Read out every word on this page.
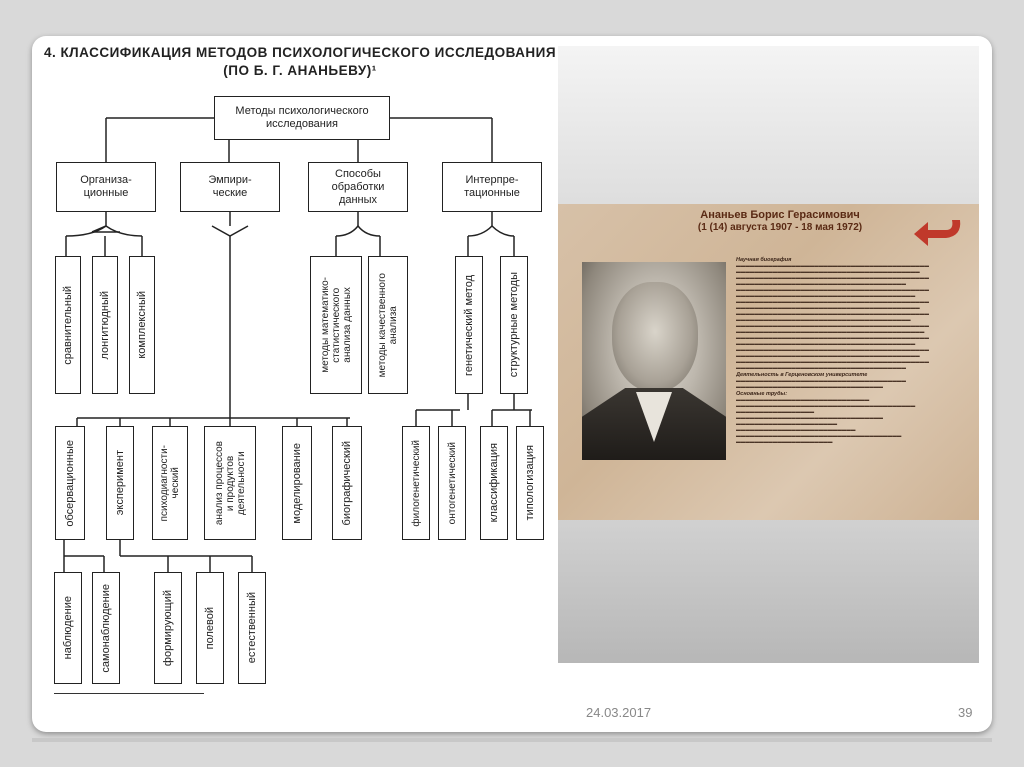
4. КЛАССИФИКАЦИЯ МЕТОДОВ ПСИХОЛОГИЧЕСКОГО ИССЛЕДОВАНИЯ
(ПО Б. Г. АНАНЬЕВУ)¹
Методы психологического
исследования
Организа-
ционные
Эмпири-
ческие
Способы
обработки
данных
Интерпре-
тационные
сравнительный лонгитюдный комплексный	методы математико-
статистического
анализа данных
методы качественного
анализа	генетический метод	структурные методы
обсервационные	эксперимент	психодиагности-
ческий
анализ процессов
и продуктов
деятельности	моделирование	биографический	филогенетический	онтогенетический	классификация типологизация
наблюдение самонаблюдение	формирующий	полевой	естественный
Ананьев Борис Герасимович
(1 (14) августа 1907 - 18 мая 1972)
Научная биография
▬▬▬▬▬▬▬▬▬▬▬▬▬▬▬▬▬▬▬▬▬▬▬▬▬▬▬▬▬▬▬▬▬▬▬▬▬▬▬▬▬▬
▬▬▬▬▬▬▬▬▬▬▬▬▬▬▬▬▬▬▬▬▬▬▬▬▬▬▬▬▬▬▬▬▬▬▬▬▬▬▬▬
▬▬▬▬▬▬▬▬▬▬▬▬▬▬▬▬▬▬▬▬▬▬▬▬▬▬▬▬▬▬▬▬▬▬▬▬▬▬▬▬▬▬
▬▬▬▬▬▬▬▬▬▬▬▬▬▬▬▬▬▬▬▬▬▬▬▬▬▬▬▬▬▬▬▬▬▬▬▬▬
▬▬▬▬▬▬▬▬▬▬▬▬▬▬▬▬▬▬▬▬▬▬▬▬▬▬▬▬▬▬▬▬▬▬▬▬▬▬▬▬▬▬
▬▬▬▬▬▬▬▬▬▬▬▬▬▬▬▬▬▬▬▬▬▬▬▬▬▬▬▬▬▬▬▬▬▬▬▬▬▬▬
▬▬▬▬▬▬▬▬▬▬▬▬▬▬▬▬▬▬▬▬▬▬▬▬▬▬▬▬▬▬▬▬▬▬▬▬▬▬▬▬▬▬
▬▬▬▬▬▬▬▬▬▬▬▬▬▬▬▬▬▬▬▬▬▬▬▬▬▬▬▬▬▬▬▬▬▬▬▬▬▬▬▬
▬▬▬▬▬▬▬▬▬▬▬▬▬▬▬▬▬▬▬▬▬▬▬▬▬▬▬▬▬▬▬▬▬▬▬▬▬▬▬▬▬▬
▬▬▬▬▬▬▬▬▬▬▬▬▬▬▬▬▬▬▬▬▬▬▬▬▬▬▬▬▬▬▬▬▬▬▬▬▬▬
▬▬▬▬▬▬▬▬▬▬▬▬▬▬▬▬▬▬▬▬▬▬▬▬▬▬▬▬▬▬▬▬▬▬▬▬▬▬▬▬▬▬
▬▬▬▬▬▬▬▬▬▬▬▬▬▬▬▬▬▬▬▬▬▬▬▬▬▬▬▬▬▬▬▬▬▬▬▬▬▬▬▬▬
▬▬▬▬▬▬▬▬▬▬▬▬▬▬▬▬▬▬▬▬▬▬▬▬▬▬▬▬▬▬▬▬▬▬▬▬▬▬▬▬▬▬
▬▬▬▬▬▬▬▬▬▬▬▬▬▬▬▬▬▬▬▬▬▬▬▬▬▬▬▬▬▬▬▬▬▬▬▬▬▬▬
▬▬▬▬▬▬▬▬▬▬▬▬▬▬▬▬▬▬▬▬▬▬▬▬▬▬▬▬▬▬▬▬▬▬▬▬▬▬▬▬▬▬
▬▬▬▬▬▬▬▬▬▬▬▬▬▬▬▬▬▬▬▬▬▬▬▬▬▬▬▬▬▬▬▬▬▬▬▬▬▬▬▬
▬▬▬▬▬▬▬▬▬▬▬▬▬▬▬▬▬▬▬▬▬▬▬▬▬▬▬▬▬▬▬▬▬▬▬▬▬▬▬▬▬▬
▬▬▬▬▬▬▬▬▬▬▬▬▬▬▬▬▬▬▬▬▬▬▬▬▬▬▬▬▬▬▬▬▬▬▬▬▬
Деятельность в Герценовском университете
▬▬▬▬▬▬▬▬▬▬▬▬▬▬▬▬▬▬▬▬▬▬▬▬▬▬▬▬▬▬▬▬▬▬▬▬▬
▬▬▬▬▬▬▬▬▬▬▬▬▬▬▬▬▬▬▬▬▬▬▬▬▬▬▬▬▬▬▬▬
Основные труды:
▬▬▬▬▬▬▬▬▬▬▬▬▬▬▬▬▬▬▬▬▬▬▬▬▬▬▬▬▬
▬▬▬▬▬▬▬▬▬▬▬▬▬▬▬▬▬▬▬▬▬▬▬▬▬▬▬▬▬▬▬▬▬▬▬▬▬▬▬
▬▬▬▬▬▬▬▬▬▬▬▬▬▬▬▬▬
▬▬▬▬▬▬▬▬▬▬▬▬▬▬▬▬▬▬▬▬▬▬▬▬▬▬▬▬▬▬▬▬
▬▬▬▬▬▬▬▬▬▬▬▬▬▬▬▬▬▬▬▬▬▬
▬▬▬▬▬▬▬▬▬▬▬▬▬▬▬▬▬▬▬▬▬▬▬▬▬▬
▬▬▬▬▬▬▬▬▬▬▬▬▬▬▬▬▬▬▬▬▬▬▬▬▬▬▬▬▬▬▬▬▬▬▬▬
▬▬▬▬▬▬▬▬▬▬▬▬▬▬▬▬▬▬▬▬▬
24.03.2017	39
